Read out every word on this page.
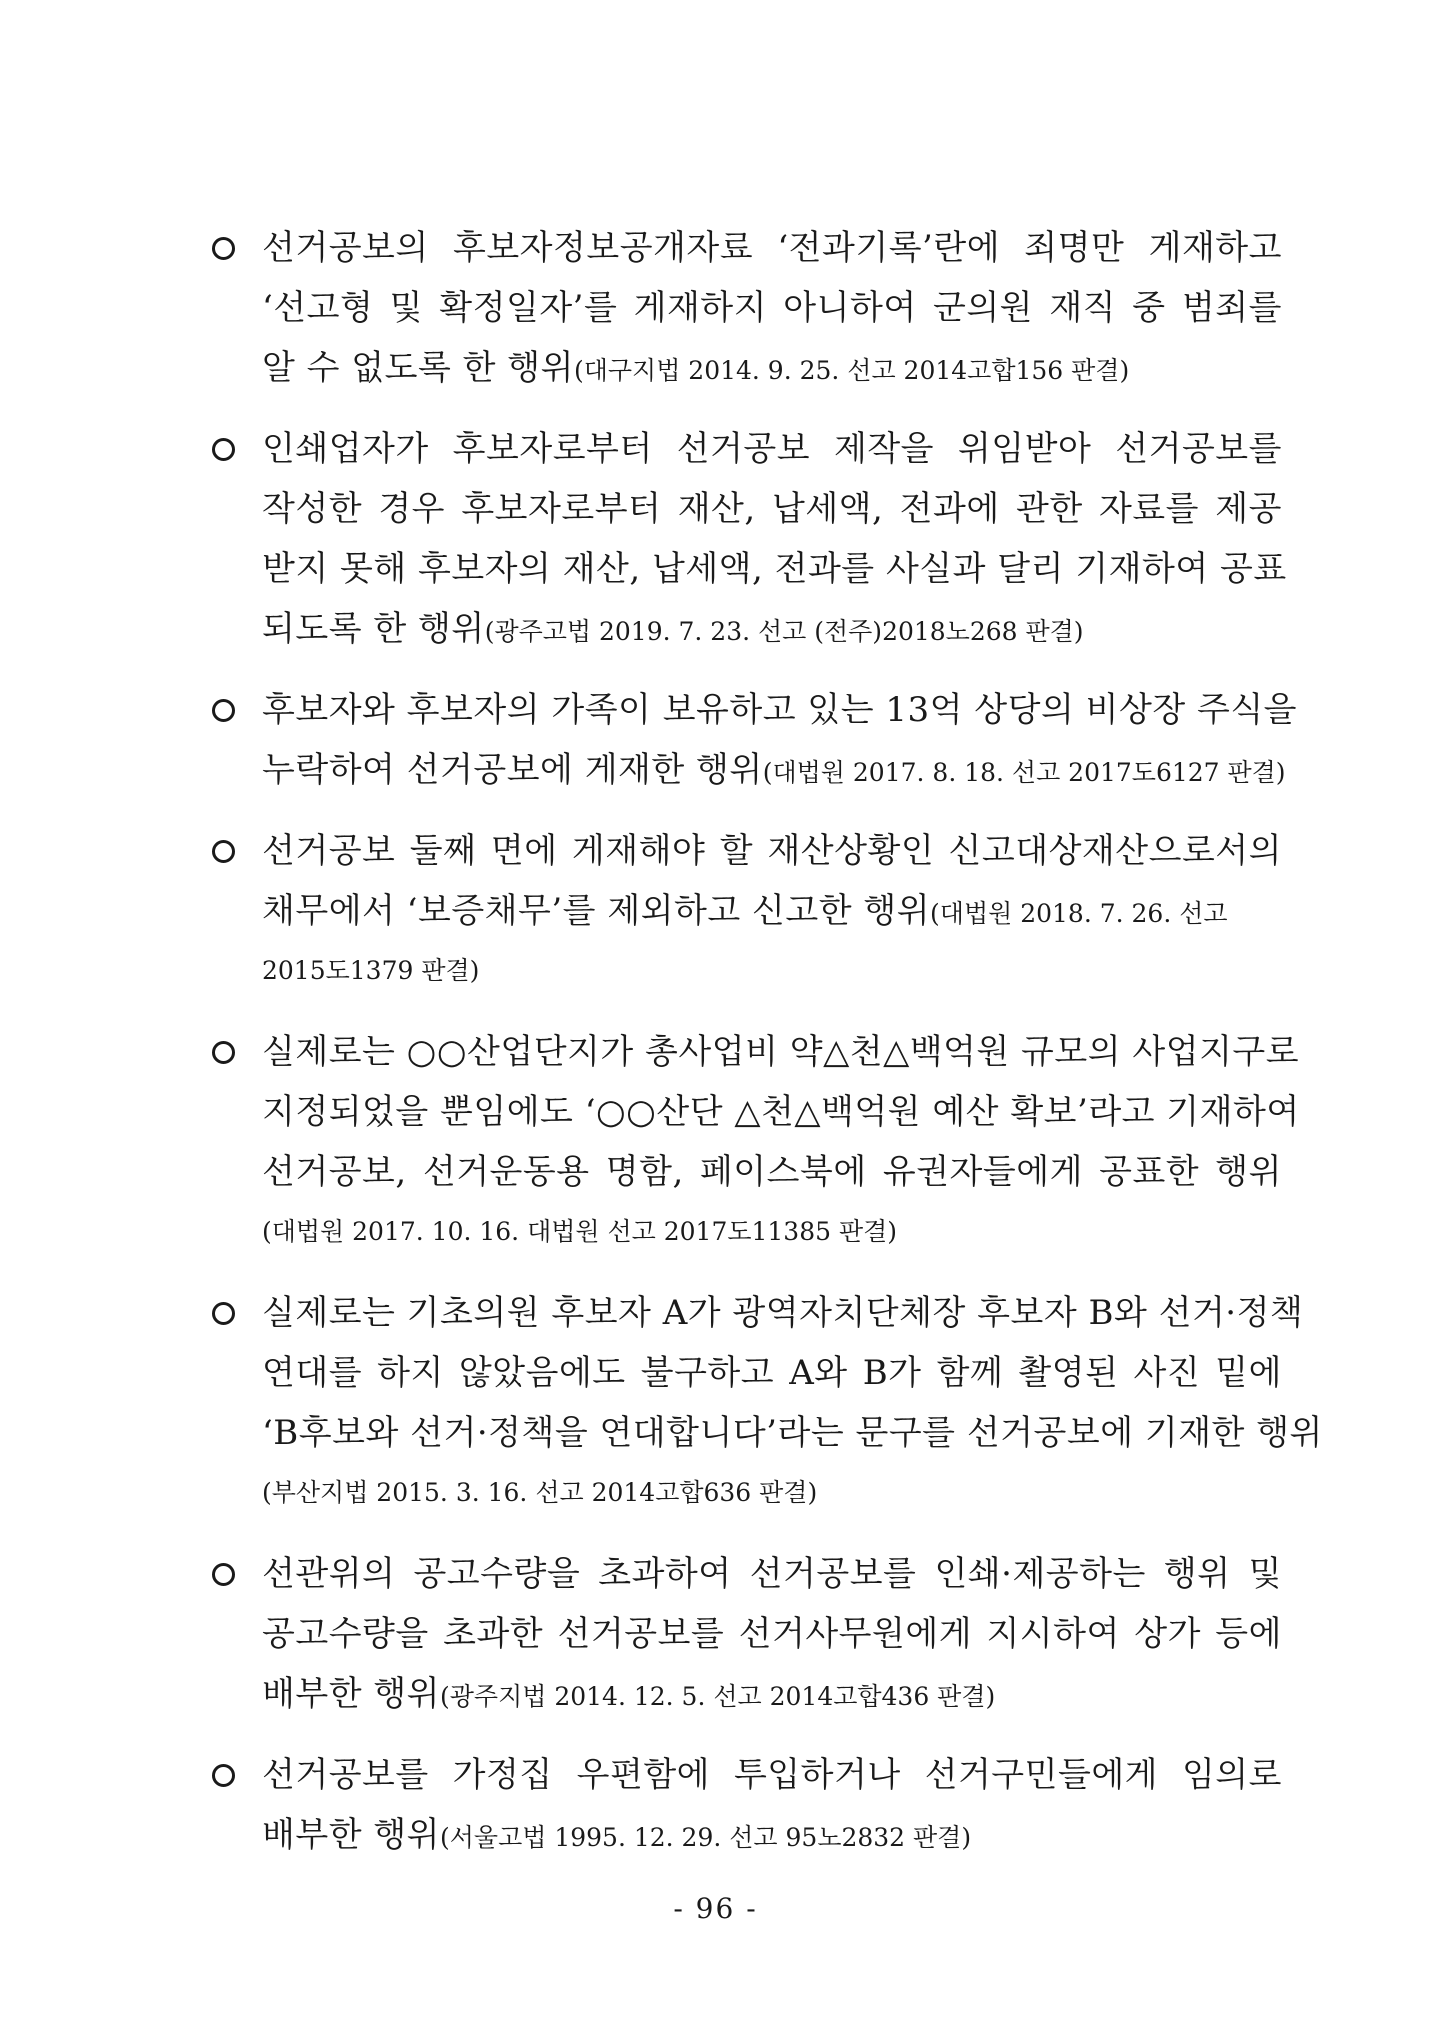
선거공보의 후보자정보공개자료 ‘전과기록’란에 죄명만 게재하고
‘선고형 및 확정일자’를 게재하지 아니하여 군의원 재직 중 범죄를
알 수 없도록 한 행위(대구지법 2014. 9. 25. 선고 2014고합156 판결)
인쇄업자가 후보자로부터 선거공보 제작을 위임받아 선거공보를
작성한 경우 후보자로부터 재산, 납세액, 전과에 관한 자료를 제공
받지 못해 후보자의 재산, 납세액, 전과를 사실과 달리 기재하여 공표
되도록 한 행위(광주고법 2019. 7. 23. 선고 (전주)2018노268 판결)
후보자와 후보자의 가족이 보유하고 있는 13억 상당의 비상장 주식을
누락하여 선거공보에 게재한 행위(대법원 2017. 8. 18. 선고 2017도6127 판결)
선거공보 둘째 면에 게재해야 할 재산상황인 신고대상재산으로서의
채무에서 ‘보증채무’를 제외하고 신고한 행위(대법원 2018. 7. 26. 선고
2015도1379 판결)
실제로는 ○○산업단지가 총사업비 약△천△백억원 규모의 사업지구로
지정되었을 뿐임에도 ‘○○산단 △천△백억원 예산 확보’라고 기재하여
선거공보, 선거운동용 명함, 페이스북에 유권자들에게 공표한 행위
(대법원 2017. 10. 16. 대법원 선고 2017도11385 판결)
실제로는 기초의원 후보자 A가 광역자치단체장 후보자 B와 선거·정책
연대를 하지 않았음에도 불구하고 A와 B가 함께 촬영된 사진 밑에
‘B후보와 선거·정책을 연대합니다’라는 문구를 선거공보에 기재한 행위
(부산지법 2015. 3. 16. 선고 2014고합636 판결)
선관위의 공고수량을 초과하여 선거공보를 인쇄·제공하는 행위 및
공고수량을 초과한 선거공보를 선거사무원에게 지시하여 상가 등에
배부한 행위(광주지법 2014. 12. 5. 선고 2014고합436 판결)
선거공보를 가정집 우편함에 투입하거나 선거구민들에게 임의로
배부한 행위(서울고법 1995. 12. 29. 선고 95노2832 판결)
- 96 -
